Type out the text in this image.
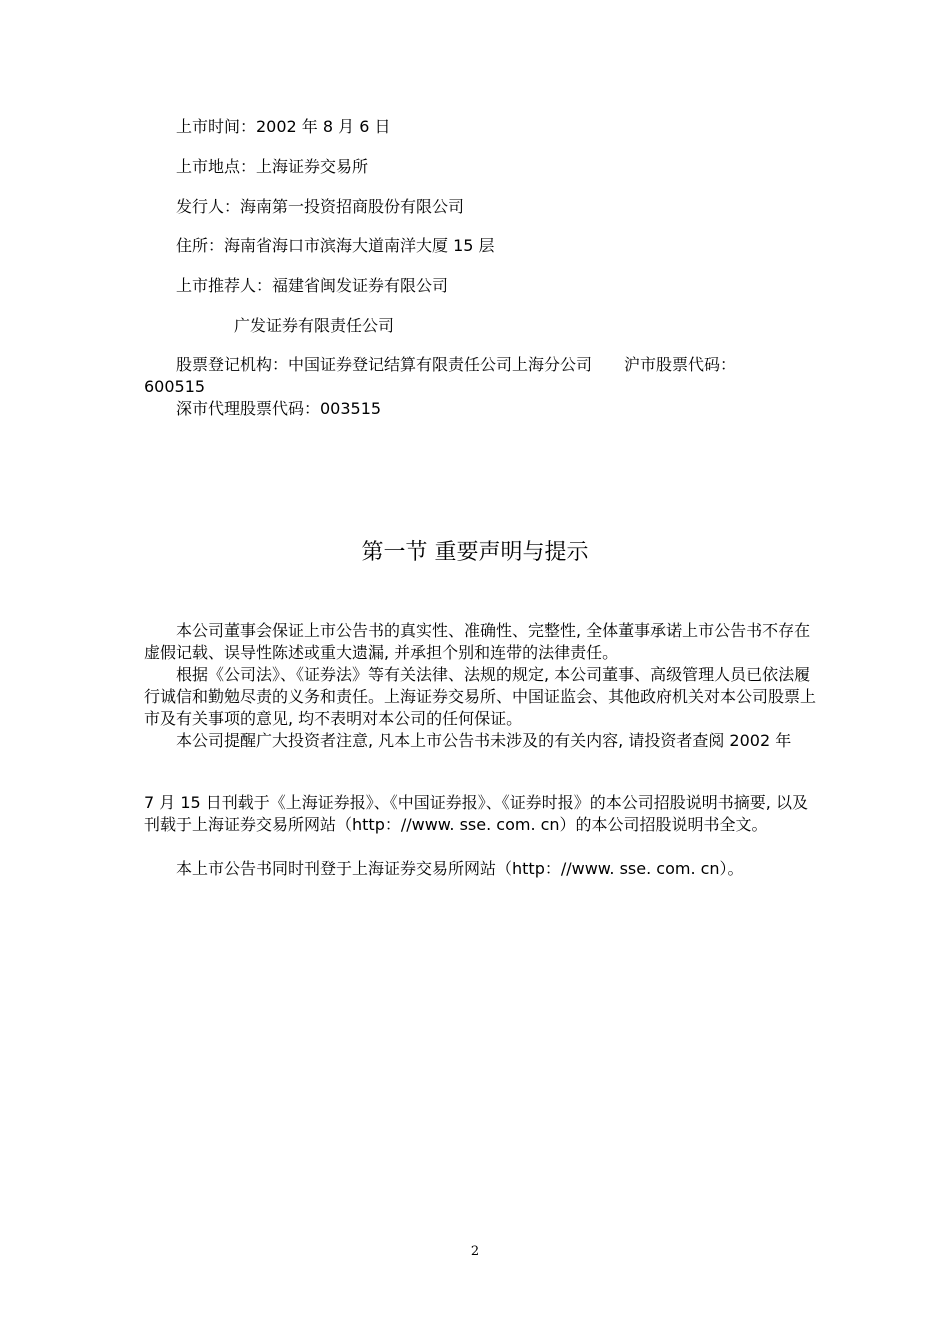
上市时间：2002 年 8 月 6 日
上市地点：上海证券交易所
发行人：海南第一投资招商股份有限公司
住所：海南省海口市滨海大道南洋大厦 15 层
上市推荐人：福建省闽发证券有限公司
广发证券有限责任公司
股票登记机构：中国证券登记结算有限责任公司上海分公司　　沪市股票代码：
600515
深市代理股票代码：003515
第一节 重要声明与提示
本公司董事会保证上市公告书的真实性、准确性、完整性, 全体董事承诺上市公告书不存在虚假记载、误导性陈述或重大遗漏, 并承担个别和连带的法律责任。
根据《公司法》、《证券法》等有关法律、法规的规定, 本公司董事、高级管理人员已依法履行诚信和勤勉尽责的义务和责任。上海证券交易所、中国证监会、其他政府机关对本公司股票上市及有关事项的意见, 均不表明对本公司的任何保证。
本公司提醒广大投资者注意, 凡本上市公告书未涉及的有关内容, 请投资者查阅 2002 年
7 月 15 日刊载于《上海证券报》、《中国证券报》、《证券时报》的本公司招股说明书摘要, 以及刊载于上海证券交易所网站（http：//www. sse. com. cn）的本公司招股说明书全文。
本上市公告书同时刊登于上海证券交易所网站（http：//www. sse. com. cn）。
2
